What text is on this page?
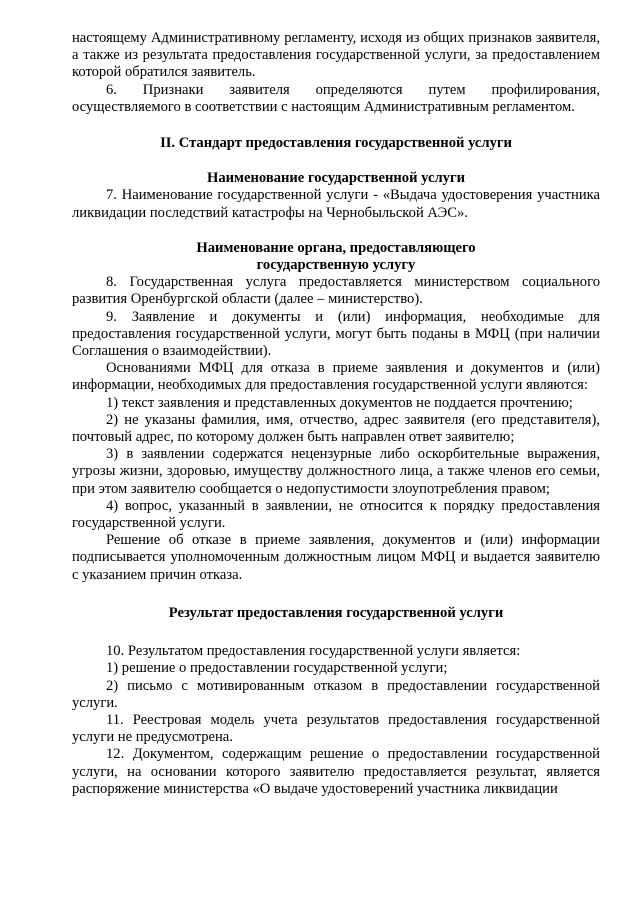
настоящему Административному регламенту, исходя из общих признаков заявителя, а также из результата предоставления государственной услуги, за предоставлением которой обратился заявитель.

6. Признаки заявителя определяются путем профилирования, осуществляемого в соответствии с настоящим Административным регламентом.

II. Стандарт предоставления государственной услуги

Наименование государственной услуги

7. Наименование государственной услуги - «Выдача удостоверения участника ликвидации последствий катастрофы на Чернобыльской АЭС».

Наименование органа, предоставляющего

государственную услугу

8. Государственная услуга предоставляется министерством социального развития Оренбургской области (далее – министерство).

9. Заявление и документы и (или) информация, необходимые для предоставления государственной услуги, могут быть поданы в МФЦ (при наличии Соглашения о взаимодействии).

Основаниями МФЦ для отказа в приеме заявления и документов и (или) информации, необходимых для предоставления государственной услуги являются:

1) текст заявления и представленных документов не поддается прочтению;

2) не указаны фамилия, имя, отчество, адрес заявителя (его представителя), почтовый адрес, по которому должен быть направлен ответ заявителю;

3) в заявлении содержатся нецензурные либо оскорбительные выражения, угрозы жизни, здоровью, имуществу должностного лица, а также членов его семьи, при этом заявителю сообщается о недопустимости злоупотребления правом;

4) вопрос, указанный в заявлении, не относится к порядку предоставления государственной услуги.

Решение об отказе в приеме заявления, документов и (или) информации подписывается уполномоченным должностным лицом МФЦ и выдается заявителю с указанием причин отказа.

Результат предоставления государственной услуги

10. Результатом предоставления государственной услуги является:

1) решение о предоставлении государственной услуги;

2) письмо с мотивированным отказом в предоставлении государственной услуги.

11. Реестровая модель учета результатов предоставления государственной услуги не предусмотрена.

12. Документом, содержащим решение о предоставлении государственной услуги, на основании которого заявителю предоставляется результат, является распоряжение министерства «О выдаче удостоверений участника ликвидации
